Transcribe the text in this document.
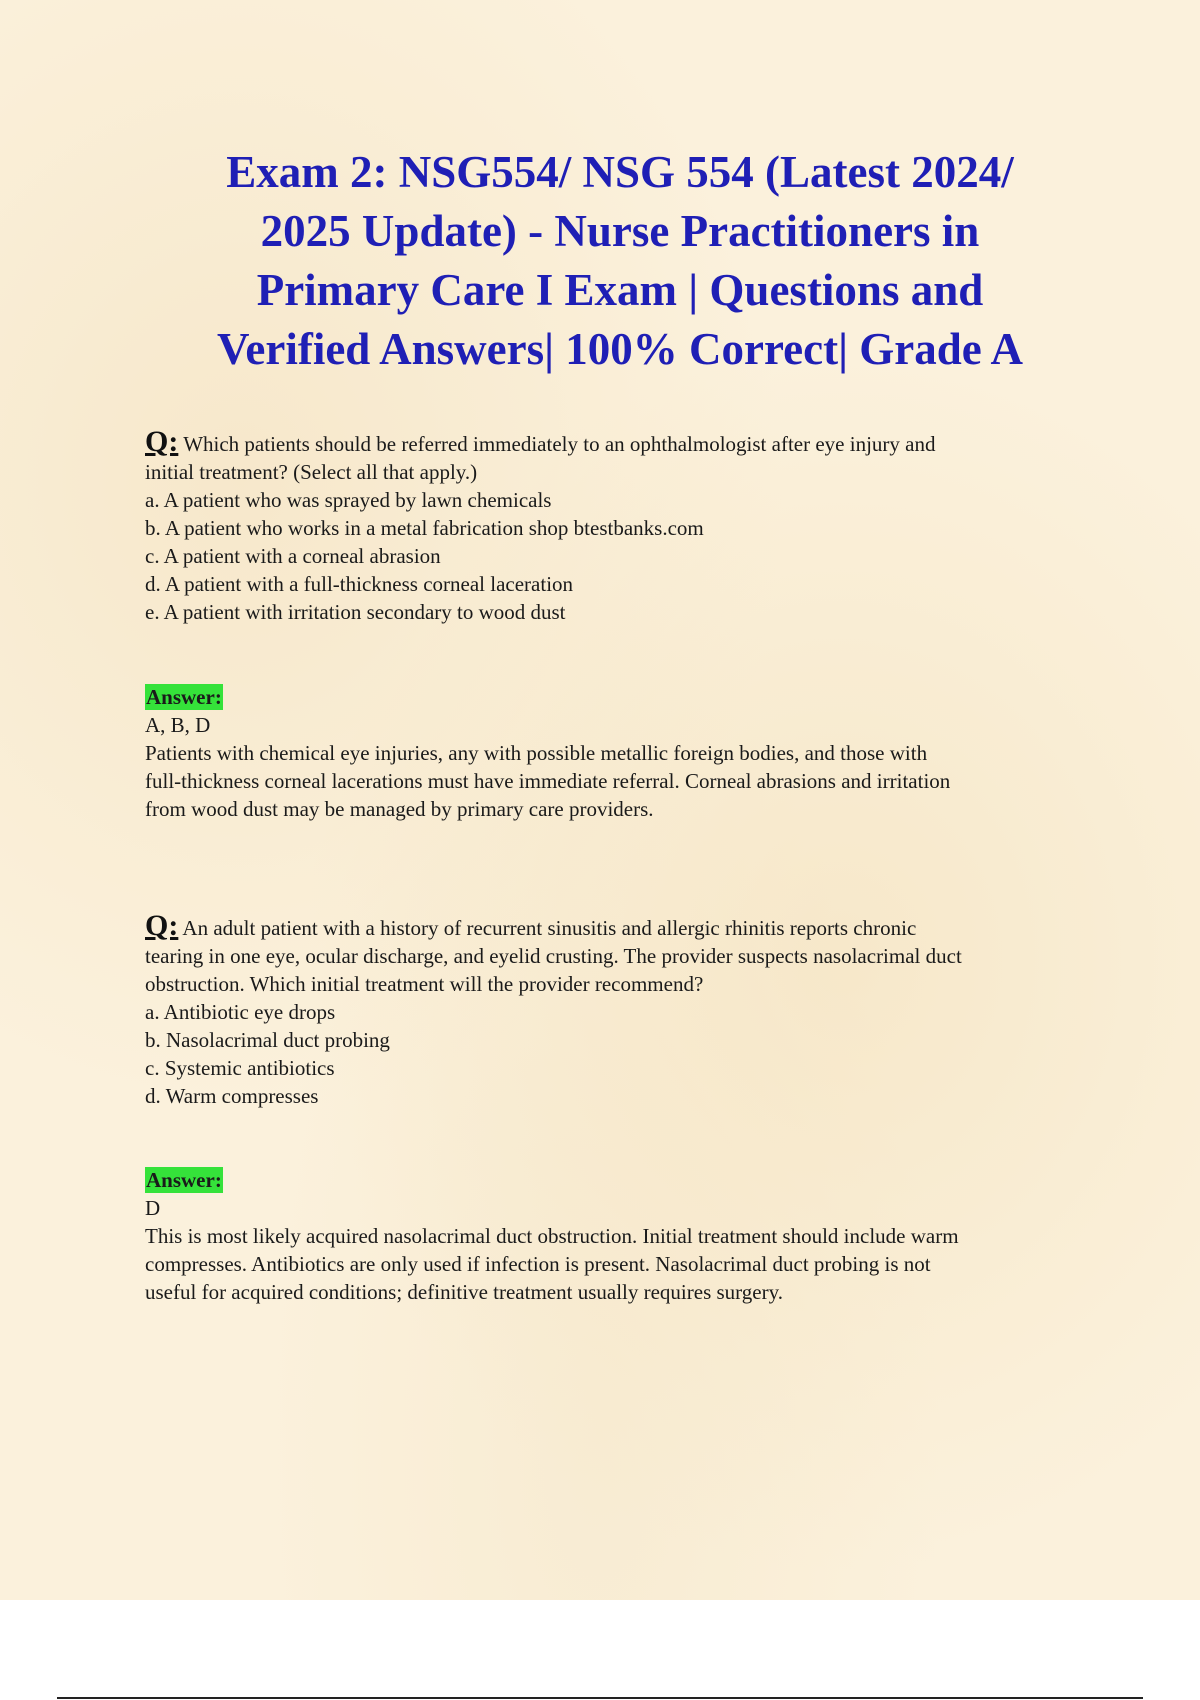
Exam 2: NSG554/ NSG 554 (Latest 2024/
2025 Update) - Nurse Practitioners in
Primary Care I Exam | Questions and
Verified Answers| 100% Correct| Grade A

Q: Which patients should be referred immediately to an ophthalmologist after eye injury and

initial treatment? (Select all that apply.)

a. A patient who was sprayed by lawn chemicals

b. A patient who works in a metal fabrication shop btestbanks.com

c. A patient with a corneal abrasion

d. A patient with a full-thickness corneal laceration

e. A patient with irritation secondary to wood dust

Answer:

A, B, D

Patients with chemical eye injuries, any with possible metallic foreign bodies, and those with

full-thickness corneal lacerations must have immediate referral. Corneal abrasions and irritation

from wood dust may be managed by primary care providers.

Q: An adult patient with a history of recurrent sinusitis and allergic rhinitis reports chronic

tearing in one eye, ocular discharge, and eyelid crusting. The provider suspects nasolacrimal duct

obstruction. Which initial treatment will the provider recommend?

a. Antibiotic eye drops

b. Nasolacrimal duct probing

c. Systemic antibiotics

d. Warm compresses

Answer:

D

This is most likely acquired nasolacrimal duct obstruction. Initial treatment should include warm

compresses. Antibiotics are only used if infection is present. Nasolacrimal duct probing is not

useful for acquired conditions; definitive treatment usually requires surgery.
